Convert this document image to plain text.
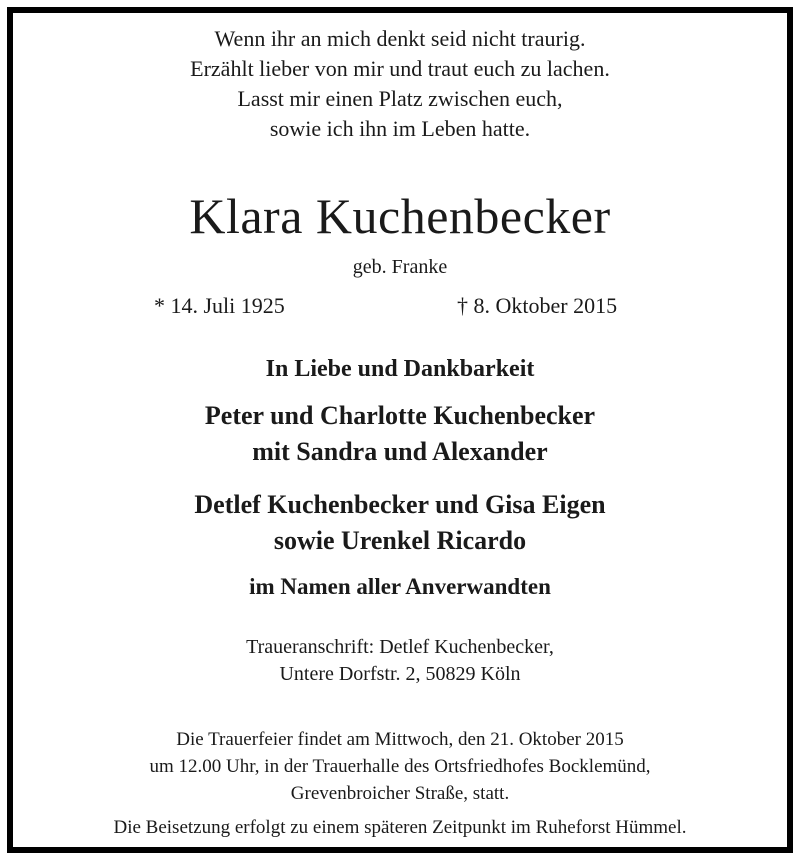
Wenn ihr an mich denkt seid nicht traurig.
Erzählt lieber von mir und traut euch zu lachen.
Lasst mir einen Platz zwischen euch,
sowie ich ihn im Leben hatte.
Klara Kuchenbecker
geb. Franke
* 14. Juli 1925	† 8. Oktober 2015
In Liebe und Dankbarkeit
Peter und Charlotte Kuchenbecker
mit Sandra und Alexander
Detlef Kuchenbecker und Gisa Eigen
sowie Urenkel Ricardo
im Namen aller Anverwandten
Traueranschrift: Detlef Kuchenbecker,
Untere Dorfstr. 2, 50829 Köln
Die Trauerfeier findet am Mittwoch, den 21. Oktober 2015
um 12.00 Uhr, in der Trauerhalle des Ortsfriedhofes Bocklemünd,
Grevenbroicher Straße, statt.
Die Beisetzung erfolgt zu einem späteren Zeitpunkt im Ruheforst Hümmel.
